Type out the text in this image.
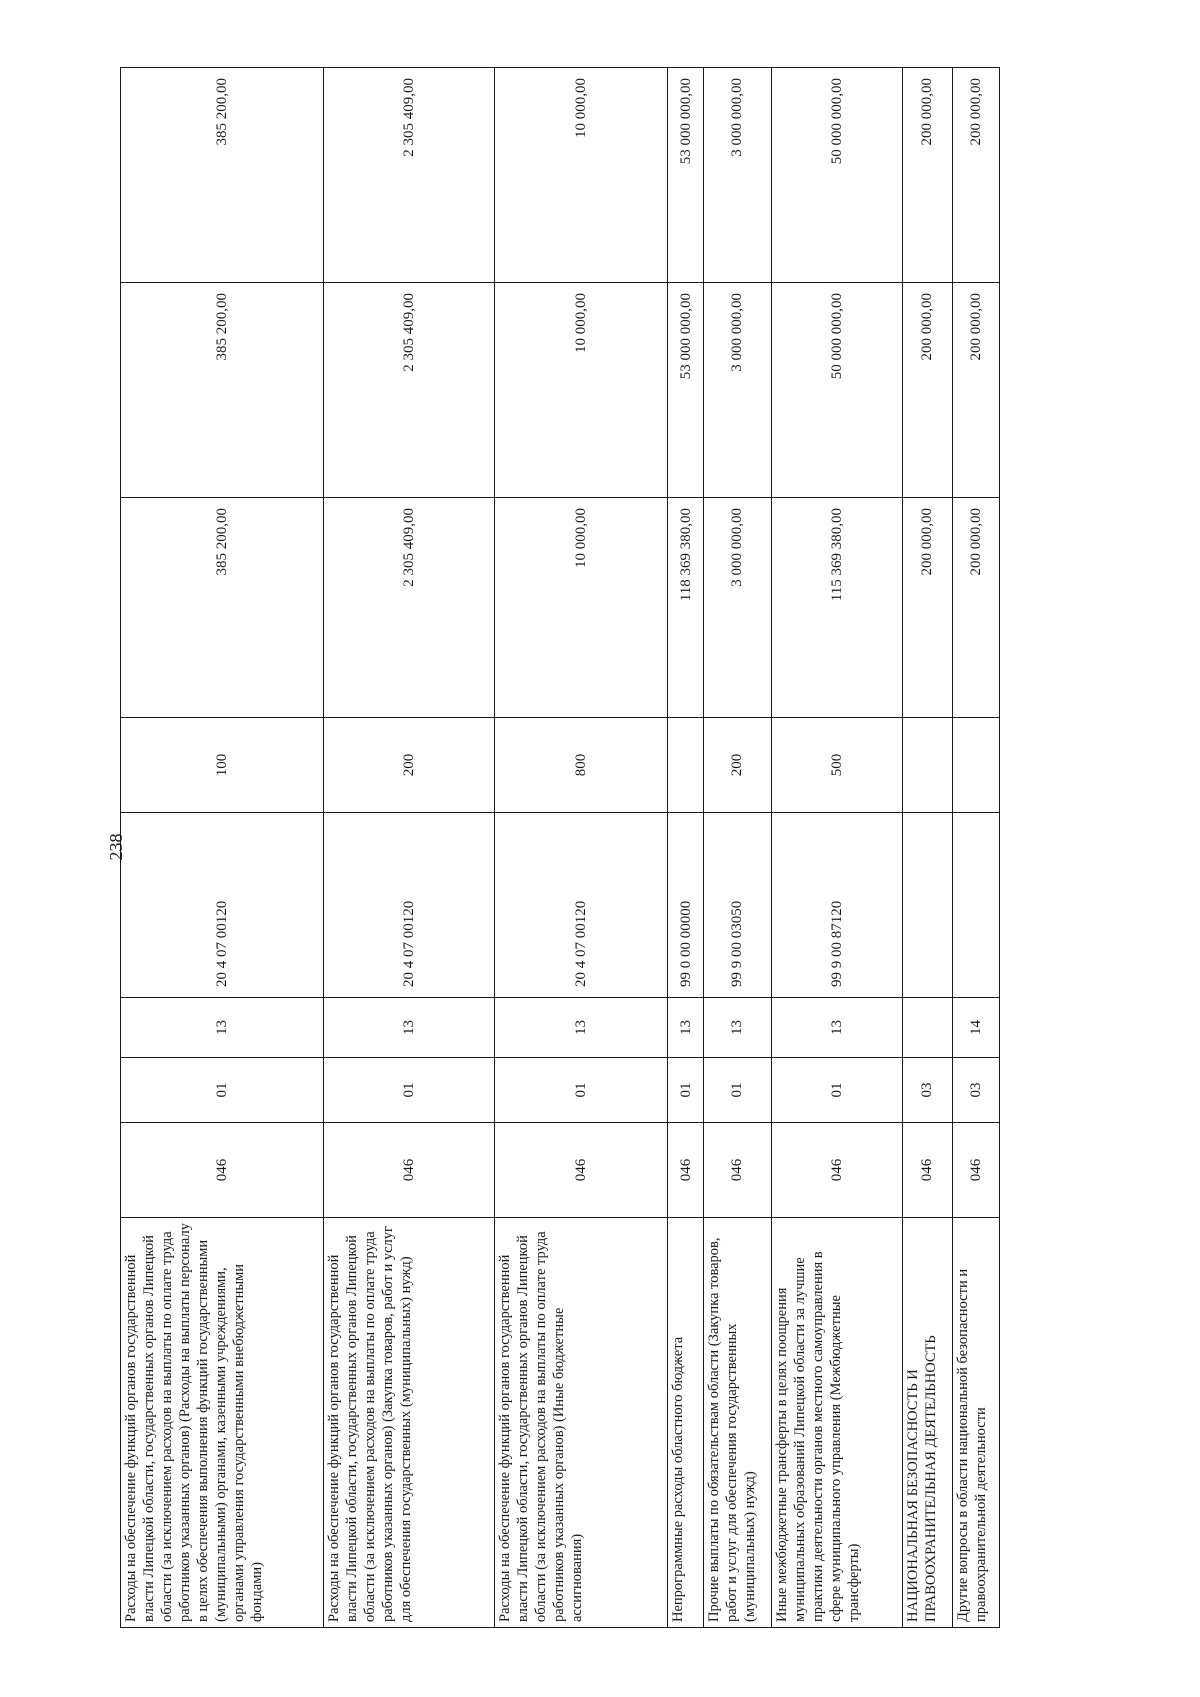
238

Расходы на обеспечение функций органов государственной власти Липецкой области, государственных органов Липецкой области (за исключением расходов на выплаты по оплате труда работников указанных органов) (Расходы на выплаты персоналу в целях обеспечения выполнения функций государственными (муниципальными) органами, казенными учреждениями, органами управления государственными внебюджетными фондами)	046	01	13	20 4 07 00120	100	385 200,00	385 200,00	385 200,00
Расходы на обеспечение функций органов государственной власти Липецкой области, государственных органов Липецкой области (за исключением расходов на выплаты по оплате труда работников указанных органов) (Закупка товаров, работ и услуг для обеспечения государственных (муниципальных) нужд)	046	01	13	20 4 07 00120	200	2 305 409,00	2 305 409,00	2 305 409,00
Расходы на обеспечение функций органов государственной власти Липецкой области, государственных органов Липецкой области (за исключением расходов на выплаты по оплате труда работников указанных органов) (Иные бюджетные ассигнования)	046	01	13	20 4 07 00120	800	10 000,00	10 000,00	10 000,00
Непрограммные расходы областного бюджета	046	01	13	99 0 00 00000		118 369 380,00	53 000 000,00	53 000 000,00
Прочие выплаты по обязательствам области (Закупка товаров, работ и услуг для обеспечения государственных (муниципальных) нужд)	046	01	13	99 9 00 03050	200	3 000 000,00	3 000 000,00	3 000 000,00
Иные межбюджетные трансферты в целях поощрения муниципальных образований Липецкой области за лучшие практики деятельности органов местного самоуправления в сфере муниципального управления (Межбюджетные трансферты)	046	01	13	99 9 00 87120	500	115 369 380,00	50 000 000,00	50 000 000,00
НАЦИОНАЛЬНАЯ БЕЗОПАСНОСТЬ И ПРАВООХРАНИТЕЛЬНАЯ ДЕЯТЕЛЬНОСТЬ	046	03				200 000,00	200 000,00	200 000,00
Другие вопросы в области национальной безопасности и правоохранительной деятельности	046	03	14			200 000,00	200 000,00	200 000,00
